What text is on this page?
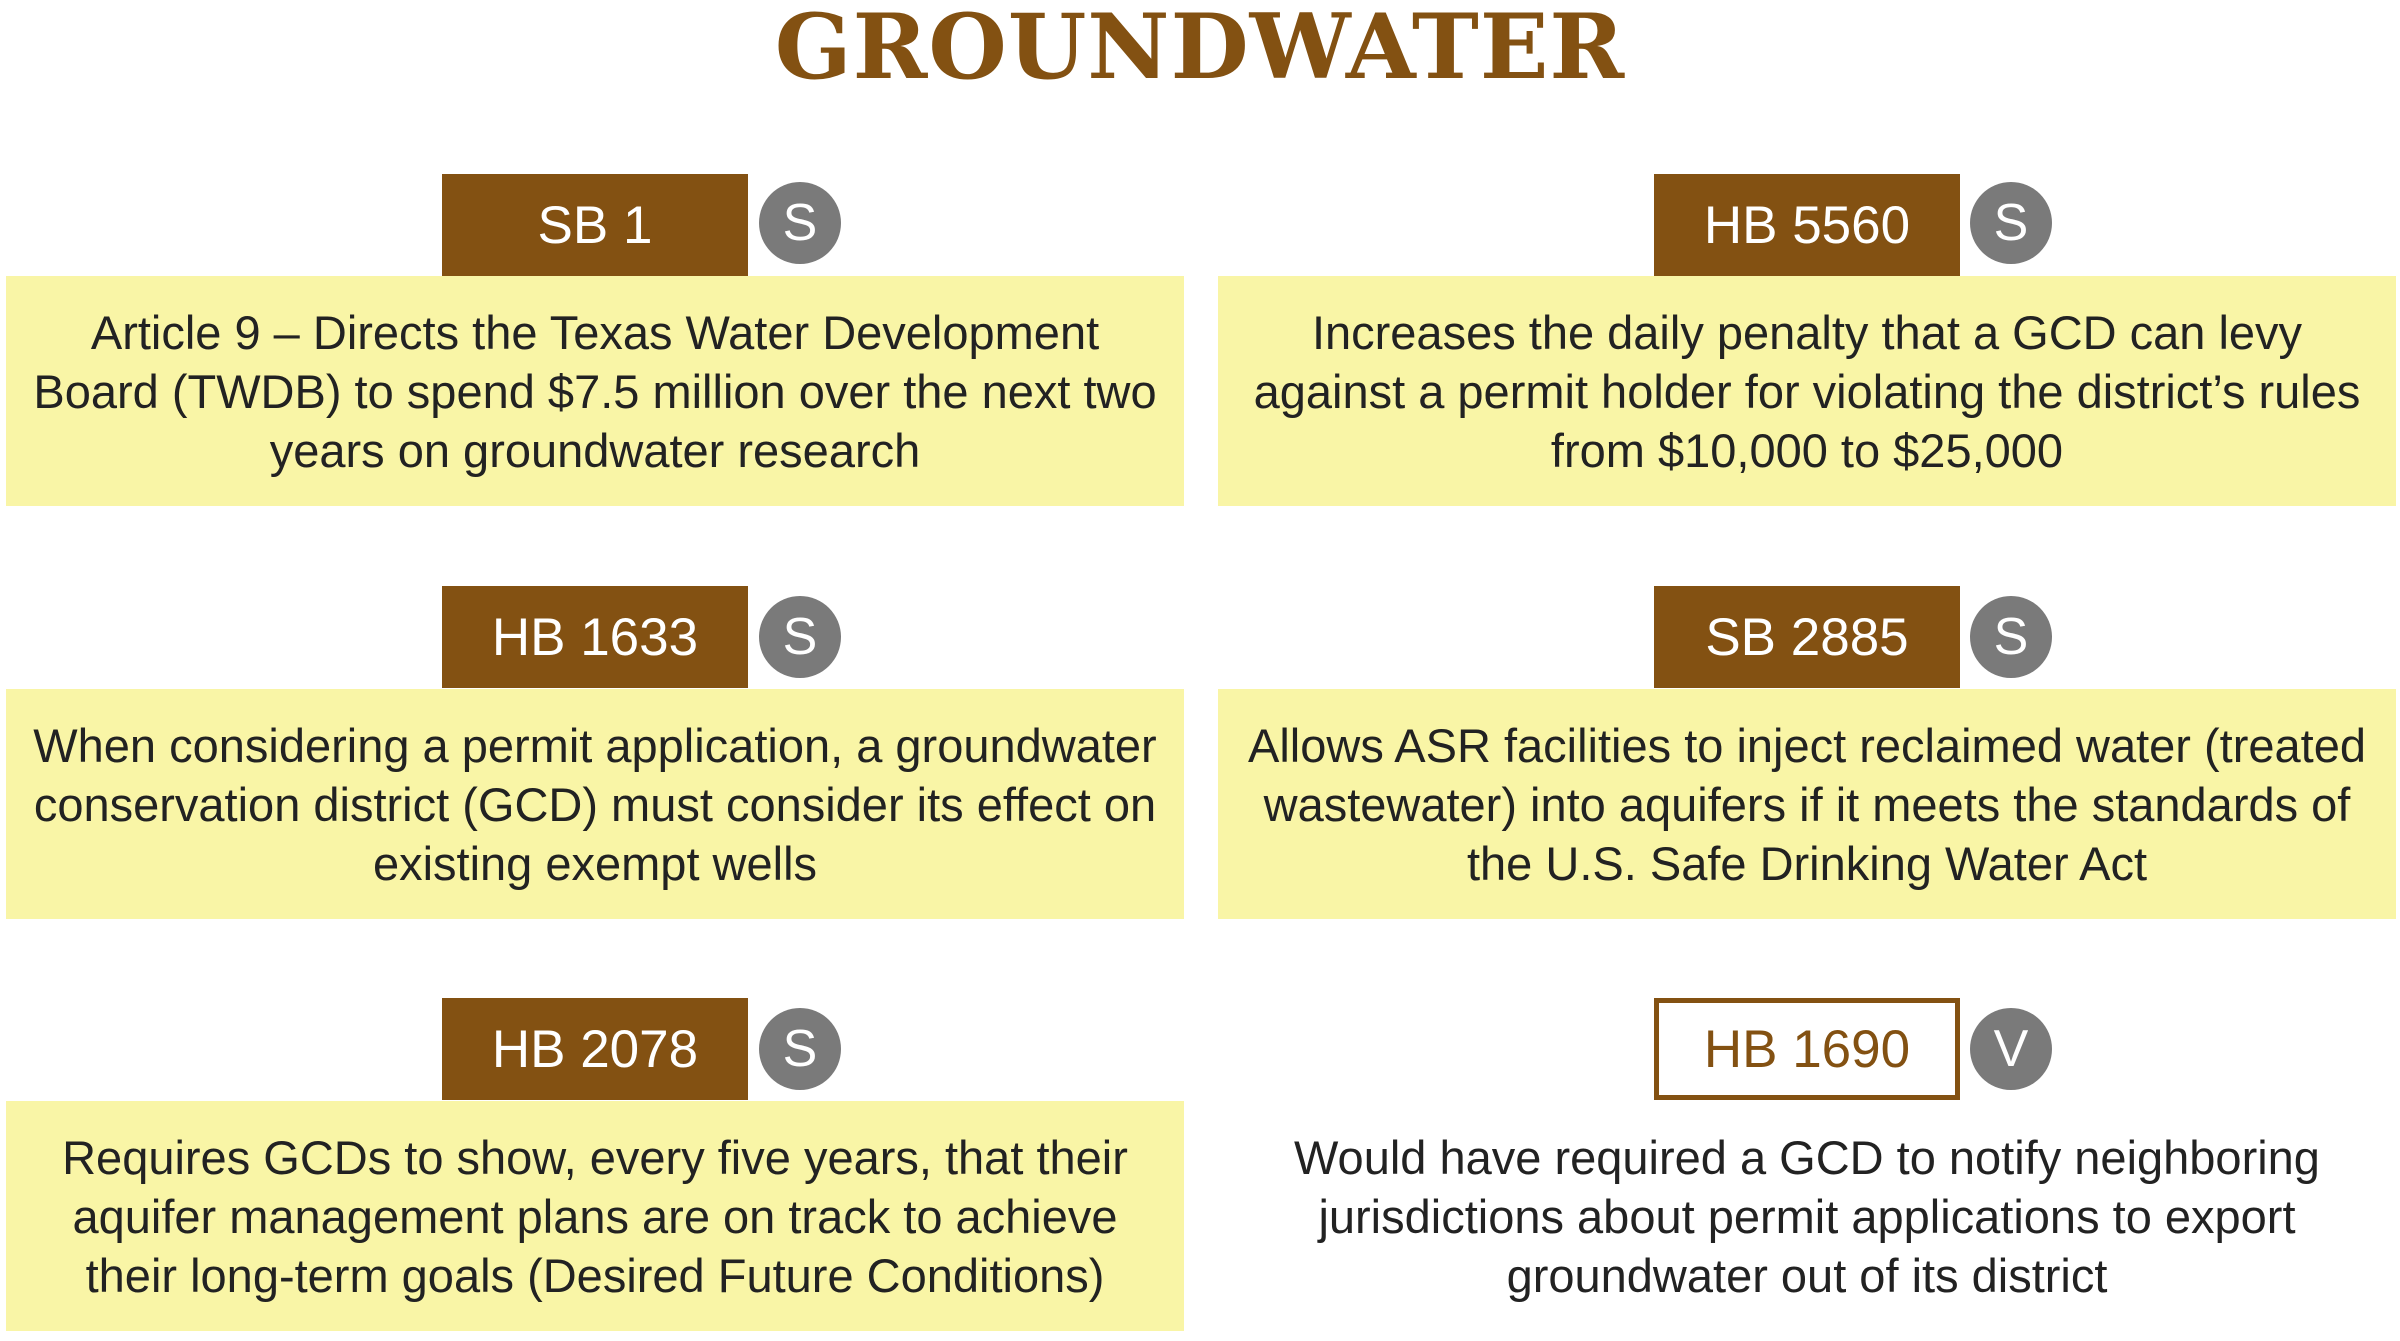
GROUNDWATER
SB 1	S
Article 9 – Directs the Texas Water Development Board (TWDB) to spend $7.5 million over the next two years on groundwater research
HB 5560	S
Increases the daily penalty that a GCD can levy against a permit holder for violating the district’s rules from $10,000 to $25,000
HB 1633	S
When considering a permit application, a groundwater conservation district (GCD) must consider its effect on existing exempt wells
SB 2885	S
Allows ASR facilities to inject reclaimed water (treated wastewater) into aquifers if it meets the standards of the U.S. Safe Drinking Water Act
HB 2078	S
Requires GCDs to show, every five years, that their aquifer management plans are on track to achieve their long-term goals (Desired Future Conditions)
HB 1690	V
Would have required a GCD to notify neighboring jurisdictions about permit applications to export groundwater out of its district
